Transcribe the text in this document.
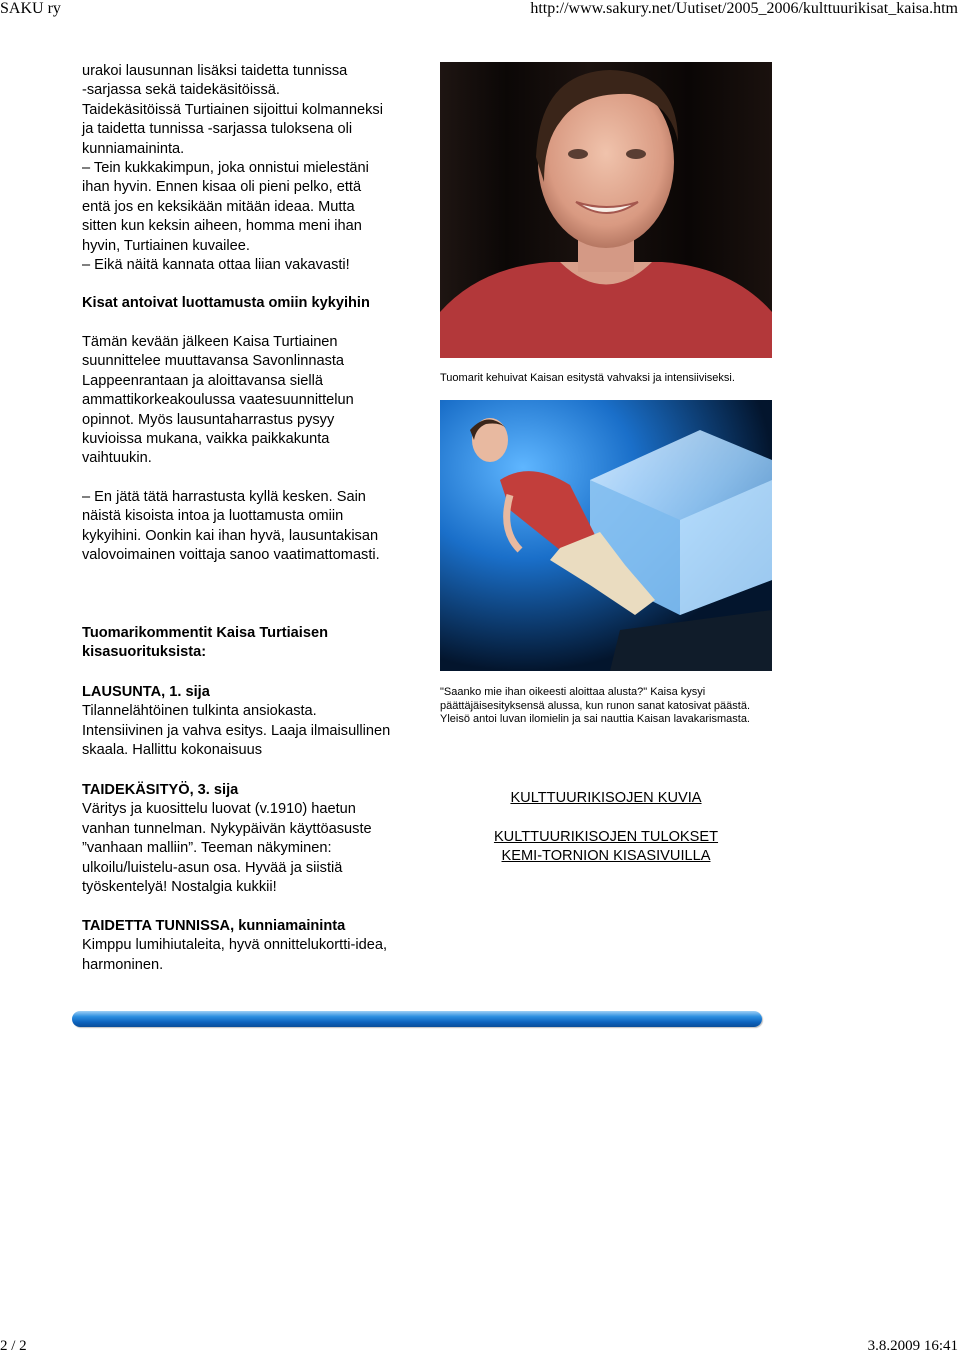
SAKU ry	http://www.sakury.net/Uutiset/2005_2006/kulttuurikisat_kaisa.htm

urakoi lausunnan lisäksi taidetta tunnissa

-sarjassa sekä taidekäsitöissä.

Taidekäsitöissä Turtiainen sijoittui kolmanneksi

ja taidetta tunnissa -sarjassa tuloksena oli

kunniamaininta.

– Tein kukkakimpun, joka onnistui mielestäni

ihan hyvin. Ennen kisaa oli pieni pelko, että

entä jos en keksikään mitään ideaa. Mutta

sitten kun keksin aiheen, homma meni ihan

hyvin, Turtiainen kuvailee.

– Eikä näitä kannata ottaa liian vakavasti!

Kisat antoivat luottamusta omiin kykyihin

Tämän kevään jälkeen Kaisa Turtiainen

suunnittelee muuttavansa Savonlinnasta

Lappeenrantaan ja aloittavansa siellä

ammattikorkeakoulussa vaatesuunnittelun

opinnot. Myös lausuntaharrastus pysyy

kuvioissa mukana, vaikka paikkakunta

vaihtuukin.

– En jätä tätä harrastusta kyllä kesken. Sain

näistä kisoista intoa ja luottamusta omiin

kykyihini. Oonkin kai ihan hyvä, lausuntakisan

valovoimainen voittaja sanoo vaatimattomasti.

Tuomarikommentit Kaisa Turtiaisen

kisasuorituksista:

LAUSUNTA, 1. sija

Tilannelähtöinen tulkinta ansiokasta.

Intensiivinen ja vahva esitys. Laaja ilmaisullinen

skaala. Hallittu kokonaisuus

TAIDEKÄSITYÖ, 3. sija

Väritys ja kuosittelu luovat (v.1910) haetun

vanhan tunnelman. Nykypäivän käyttöasuste

”vanhaan malliin”. Teeman näkyminen:

ulkoilu/luistelu-asun osa. Hyvää ja siistiä

työskentelyä! Nostalgia kukkii!

TAIDETTA TUNNISSA, kunniamaininta

Kimppu lumihiutaleita, hyvä onnittelukortti-idea,

harmoninen.

Tuomarit kehuivat Kaisan esitystä vahvaksi ja intensiiviseksi.
"Saanko mie ihan oikeesti aloittaa alusta?" Kaisa kysyi
päättäjäisesityksensä alussa, kun runon sanat katosivat päästä.
Yleisö antoi luvan ilomielin ja sai nauttia Kaisan lavakarismasta.
KULTTUURIKISOJEN KUVIA
KULTTUURIKISOJEN TULOKSET
KEMI-TORNION KISASIVUILLA
2 / 2	3.8.2009 16:41
